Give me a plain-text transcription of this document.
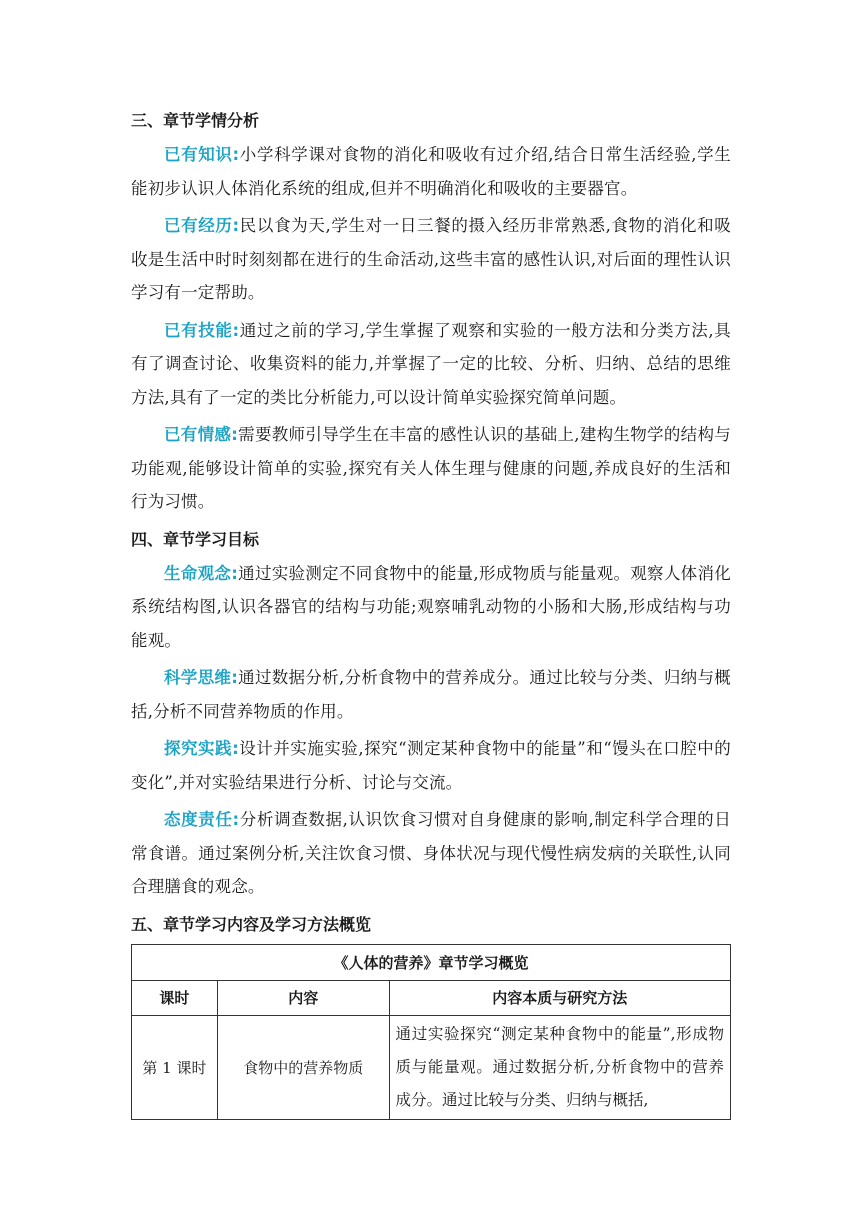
三、章节学情分析
已有知识:小学科学课对食物的消化和吸收有过介绍,结合日常生活经验,学生能初步认识人体消化系统的组成,但并不明确消化和吸收的主要器官。
已有经历:民以食为天,学生对一日三餐的摄入经历非常熟悉,食物的消化和吸收是生活中时时刻刻都在进行的生命活动,这些丰富的感性认识,对后面的理性认识学习有一定帮助。
已有技能:通过之前的学习,学生掌握了观察和实验的一般方法和分类方法,具有了调查讨论、收集资料的能力,并掌握了一定的比较、分析、归纳、总结的思维方法,具有了一定的类比分析能力,可以设计简单实验探究简单问题。
已有情感:需要教师引导学生在丰富的感性认识的基础上,建构生物学的结构与功能观,能够设计简单的实验,探究有关人体生理与健康的问题,养成良好的生活和行为习惯。
四、章节学习目标
生命观念:通过实验测定不同食物中的能量,形成物质与能量观。观察人体消化系统结构图,认识各器官的结构与功能;观察哺乳动物的小肠和大肠,形成结构与功能观。
科学思维:通过数据分析,分析食物中的营养成分。通过比较与分类、归纳与概括,分析不同营养物质的作用。
探究实践:设计并实施实验,探究“测定某种食物中的能量”和“馒头在口腔中的变化”,并对实验结果进行分析、讨论与交流。
态度责任:分析调查数据,认识饮食习惯对自身健康的影响,制定科学合理的日常食谱。通过案例分析,关注饮食习惯、身体状况与现代慢性病发病的关联性,认同合理膳食的观念。
五、章节学习内容及学习方法概览
《人体的营养》章节学习概览		
课时	内容	内容本质与研究方法
第 1 课时	食物中的营养物质	通过实验探究“测定某种食物中的能量”,形成物质与能量观。通过数据分析,分析食物中的营养成分。通过比较与分类、归纳与概括,
